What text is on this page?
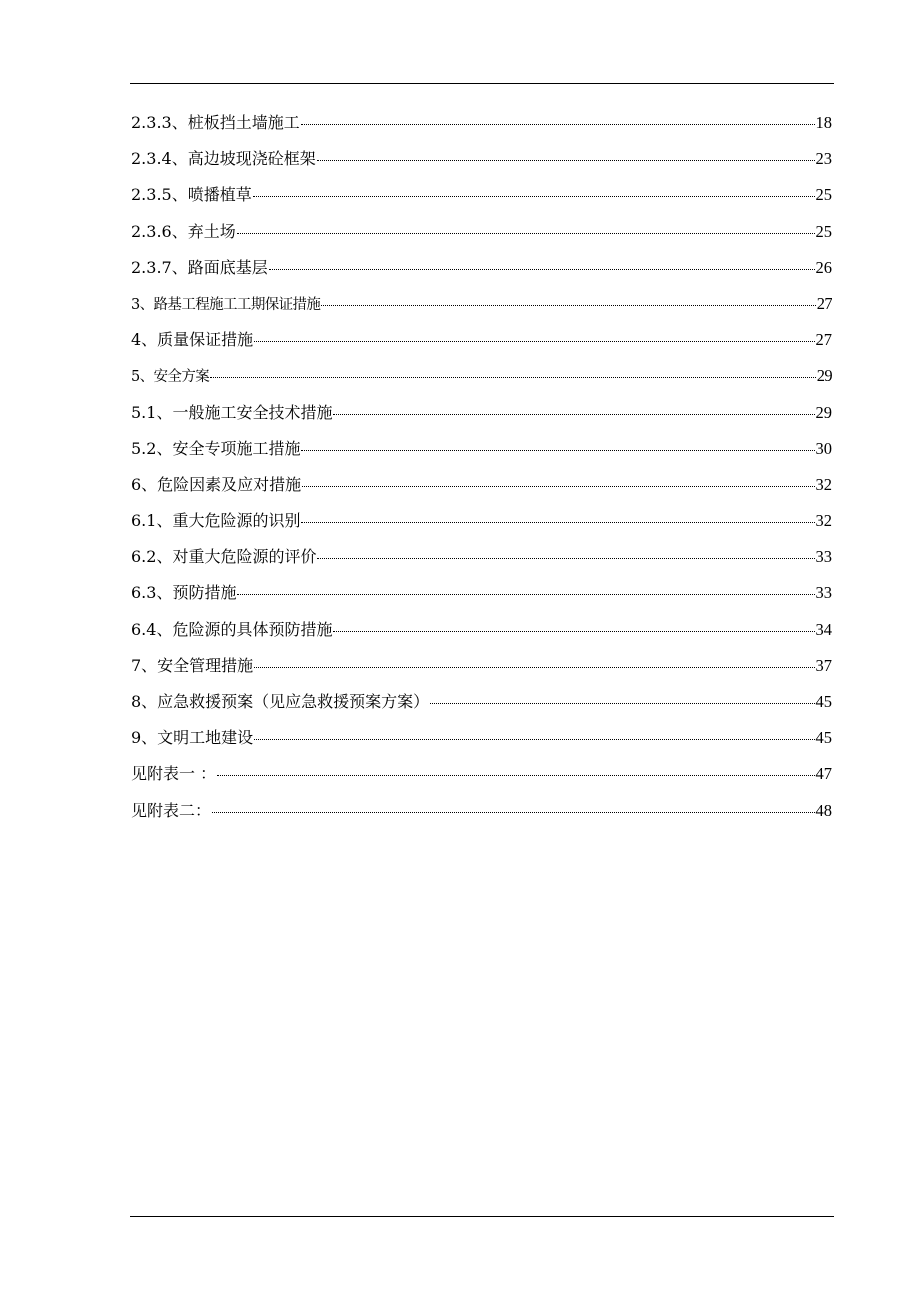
2.3.3、桩板挡土墙施工	18
2.3.4、高边坡现浇砼框架	23
2.3.5、喷播植草	25
2.3.6、弃土场	25
2.3.7、路面底基层	26
3、路基工程施工工期保证措施	27
4、质量保证措施	27
5、安全方案	29
5.1、一般施工安全技术措施	29
5.2、安全专项施工措施	30
6、危险因素及应对措施	32
6.1、重大危险源的识别	32
6.2、对重大危险源的评价	33
6.3、预防措施	33
6.4、危险源的具体预防措施	34
7、安全管理措施	37
8、应急救援预案（见应急救援预案方案）	45
9、文明工地建设	45
见附表一 ：	47
见附表二：	48
